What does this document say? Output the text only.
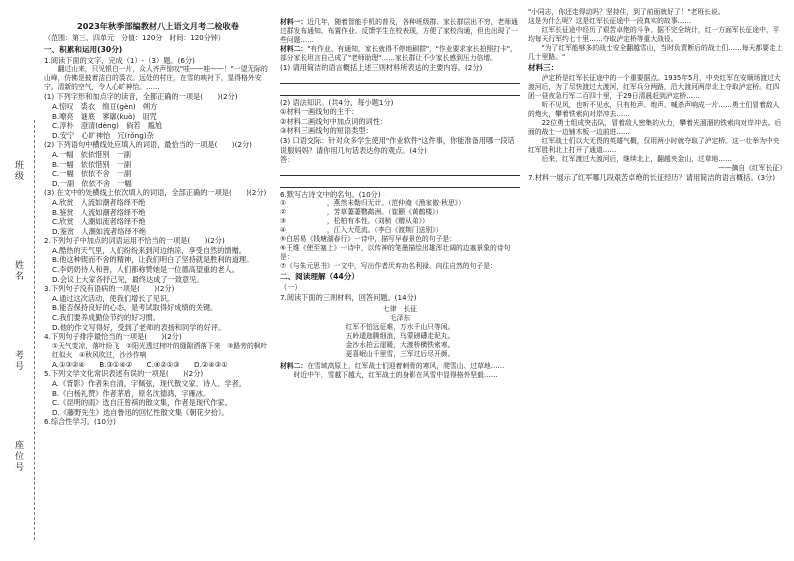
班级
姓名
考号
座位号

2023年秋季部编教材八上语文月考二检收卷

（范围：第三、四单元　分值：120分　时间：120分钟）

一、积累和运用(30分)

1.阅读下面的文字，完成（1）-（3）题。(6分)

　　翻过山来，只见银白一片，众人齐声惊叹"哇——哇——！"一望无际的山峰，仿佛是披着洁白的裘衣。远处的村庄，在雪的映衬下，显得格外安宁。清新的空气，令人心旷神怡。……

(1) 下列字形和加点字的读音，全都正确的一项是(　　)(2分)

A.惊叹　裘衣　绵亘(gèn)　朔方

B.嘹亮　谜底　寥廓(kuò)　诅咒

C.淳朴　澄清(dèng)　倘若　尴尬

D.安宁　心旷神怡　冗(rǒng)杂

(2) 下列语句中横线处应填入的词语，最恰当的一项是(　　)(2分)

A.一幅　依依惜别　一副

B.一幅　依依惜别　一副

C.一幅　依依不舍　一副

D.一副　依依不舍　一幅

(3) 在文中的处横线上依次填入的词语，全部正确的一项是(　　)(2分)

A.欣赏　人流如潮者络绎不绝

B.鉴赏　人流如潮者络绎不绝

C.欣赏　人潮如流者络绎不绝

D.鉴赏　人潮如流者络绎不绝

2.下列句子中加点的词语运用不恰当的一项是(　　)(2分)

A.酷热的天气里，人们纷纷来到河边纳凉，享受自然的馈赠。

B.他这种锲而不舍的精神，让我们明白了坚持就是胜利的道理。

C.李奶奶待人和善，人们都称赞她是一位德高望重的老人。

D.会议上大家各抒己见，最终达成了一致意见。

3.下列句子没有语病的一项是(　　)(2分)

A.通过这次活动，使我们增长了见识。

B.能否保持良好的心态，是考试取得好成绩的关键。

C.我们要养成勤俭节约的好习惯。

D.他的作文写得好，受到了老师的表扬和同学的好评。

4.下列句子排序最恰当的一项是(　　)(2分)

①天气变凉，落叶纷飞　②阳光透过树叶的缝隙洒落下来　③路旁的枫叶红似火　④秋风吹过，沙沙作响

A.①③②④　　B.③①④②　　C.④②①③　　D.②④③①

5.下列文学文化常识表述有误的一项是(　　)(2分)

A.《背影》作者朱自清，字佩弦，现代散文家、诗人、学者。

B.《白杨礼赞》作者茅盾，原名沈德鸿，字雁冰。

C.《昆明的雨》选自汪曾祺的散文集，作者是现代作家。

D.《藤野先生》选自鲁迅的回忆性散文集《朝花夕拾》。

6.综合性学习。(10分)

材料一：近几年，随着智能手机的普及，各种班级群、家长群层出不穷，老师通过群发布通知、布置作业、反馈学生在校表现，方便了家校沟通，但也出现了一些问题……

材料二："有作业、有通知，家长就得不停地刷群"，"作业要求家长拍照打卡"，部分家长坦言自己成了"老师助理"……家长群让不少家长感到压力倍增。

(1) 请用简洁的语言概括上述三则材料所表达的主要内容。(2分)

(2) 语法知识。(共4分，每小题1分)

①材料一画线句的主干：

②材料二画线句中加点词的词性：

③材料三画线句的短语类型：

(3) 口语交际：针对众多学生使用"作业软件"这件事，你能准备用哪一段话说服妈妈？请你用几句话表达你的观点。(4分)

答：

6.默写古诗文中的名句。(10分)

①　　　　　　，燕然未勒归无计。（范仲淹《渔家傲·秋思》）

②　　　　　　，芳草萋萋鹦鹉洲。（崔颢《黄鹤楼》）

③　　　　　　，松柏有本性。（刘桢《赠从弟》）

④　　　　　　，江入大荒流。（李白《渡荆门送别》）

⑤白居易《钱塘湖春行》一诗中，描写早春景色的句子是：

⑥王维《使至塞上》一诗中，以传神的笔墨描绘出雄浑壮阔的边塞景象的诗句是：

⑦《与朱元思书》一文中，写出作者厌弃功名利禄、向往自然的句子是：

二、阅读理解（44分）

（一）

7.阅读下面的三则材料，回答问题。(14分)

七律　长征

毛泽东

红军不怕远征难，万水千山只等闲。

五岭逶迤腾细浪，乌蒙磅礴走泥丸。

金沙水拍云崖暖，大渡桥横铁索寒。

更喜岷山千里雪，三军过后尽开颜。

材料二：在雪域高原上，红军战士们迎着刺骨的寒风，爬雪山、过草地……

　　时近中午，雪越下越大，红军战士的身影在风雪中显得格外坚毅……

"小同志，你还走得动吗？坚持住，到了前面就好了！"老班长说。

这是为什么呢？这是红军长征途中一段真实的故事……

　　红军长征途中经历了艰苦卓绝的斗争。据不完全统计，红一方面军长征途中，平均每天行军约七十里……夺取泸定桥等重大战役。

　　"为了红军能够多的战士安全翻越雪山，当时负责断后的战士们……每天都要走上几十里路。"

材料三：

　　泸定桥是红军长征途中的一个重要据点。1935年5月，中央红军在安顺场渡过大渡河后，为了尽快渡过大渡河，红军兵分两路，沿大渡河两岸北上夺取泸定桥。红四团一昼夜急行军二百四十里，于29日清晨赶到泸定桥……

　　听不见风，也听不见水，只有枪声、炮声、喊杀声响成一片……勇士们冒着敌人的炮火，攀着铁索向对岸冲去……

　　22位勇士组成突击队，冒着敌人密集的火力，攀着光溜溜的铁索向对岸冲去。后面的战士一边铺木板一边前进……

　　红军战士们以大无畏的英雄气概，仅用两小时就夺取了泸定桥。这一壮举为中央红军胜利北上打开了通道……

　　后来，红军渡过大渡河后，继续北上，翻越夹金山，过草地……

——摘自《红军长征》

7.材料一展示了红军哪几段艰苦卓绝的长征经历？请用简洁的语言概括。(3分)
